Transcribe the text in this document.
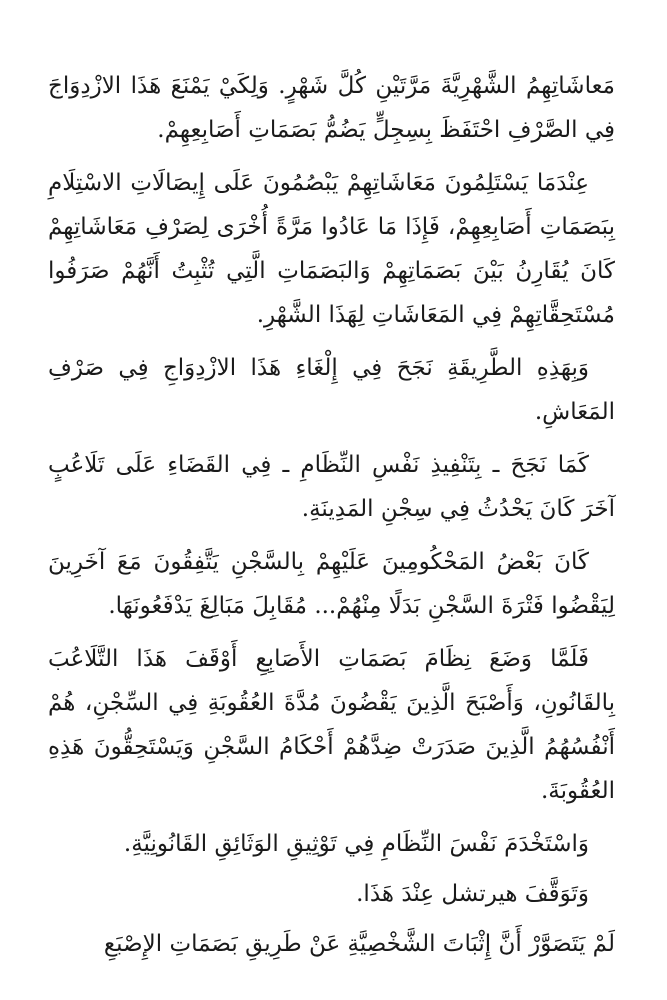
مَعاشَاتِهِمُ الشَّهْرِيَّةَ مَرَّتَيْنِ كُلَّ شَهْرٍ. وَلِكَيْ يَمْنَعَ هَذَا الازْدِوَاجَ فِي الصَّرْفِ احْتَفَظَ بِسِجِلٍّ يَضُمُّ بَصَمَاتِ أَصَابِعِهِمْ.

عِنْدَمَا يَسْتَلِمُونَ مَعَاشَاتِهِمْ يَبْصُمُونَ عَلَى إِيصَالَاتِ الاسْتِلَامِ بِبَصَمَاتِ أَصَابِعِهِمْ، فَإِذَا مَا عَادُوا مَرَّةً أُخْرَى لِصَرْفِ مَعَاشَاتِهِمْ كَانَ يُقَارِنُ بَيْنَ بَصَمَاتِهِمْ وَالبَصَمَاتِ الَّتِي تُثْبِتُ أَنَّهُمْ صَرَفُوا مُسْتَحِقَّاتِهِمْ فِي المَعَاشَاتِ لِهَذَا الشَّهْرِ.

وَبِهَذِهِ الطَّرِيقَةِ نَجَحَ فِي إِلْغَاءِ هَذَا الازْدِوَاجِ فِي صَرْفِ المَعَاشِ.

كَمَا نَجَحَ ـ بِتَنْفِيذِ نَفْسِ النِّظَامِ ـ فِي القَضَاءِ عَلَى تَلَاعُبٍ آخَرَ كَانَ يَحْدُثُ فِي سِجْنِ المَدِينَةِ.

كَانَ بَعْضُ المَحْكُومِينَ عَلَيْهِمْ بِالسَّجْنِ يَتَّفِقُونَ مَعَ آخَرِينَ لِيَقْضُوا فَتْرَةَ السَّجْنِ بَدَلًا مِنْهُمْ... مُقَابِلَ مَبَالِغَ يَدْفَعُونَهَا.

فَلَمَّا وَضَعَ نِظَامَ بَصَمَاتِ الأَصَابِعِ أَوْقَفَ هَذَا التَّلَاعُبَ بِالقَانُونِ، وَأَصْبَحَ الَّذِينَ يَقْضُونَ مُدَّةَ العُقُوبَةِ فِي السِّجْنِ، هُمْ أَنْفُسُهُمُ الَّذِينَ صَدَرَتْ ضِدَّهُمْ أَحْكَامُ السَّجْنِ وَيَسْتَحِقُّونَ هَذِهِ العُقُوبَةَ.

وَاسْتَخْدَمَ نَفْسَ النِّظَامِ فِي تَوْثِيقِ الوَثَائِقِ القَانُونِيَّةِ.

وَتَوَقَّفَ هيرتشل عِنْدَ هَذَا.

لَمْ يَتَصَوَّرْ أَنَّ إِثْبَاتَ الشَّخْصِيَّةِ عَنْ طَرِيقِ بَصَمَاتِ الإِصْبَعِ
